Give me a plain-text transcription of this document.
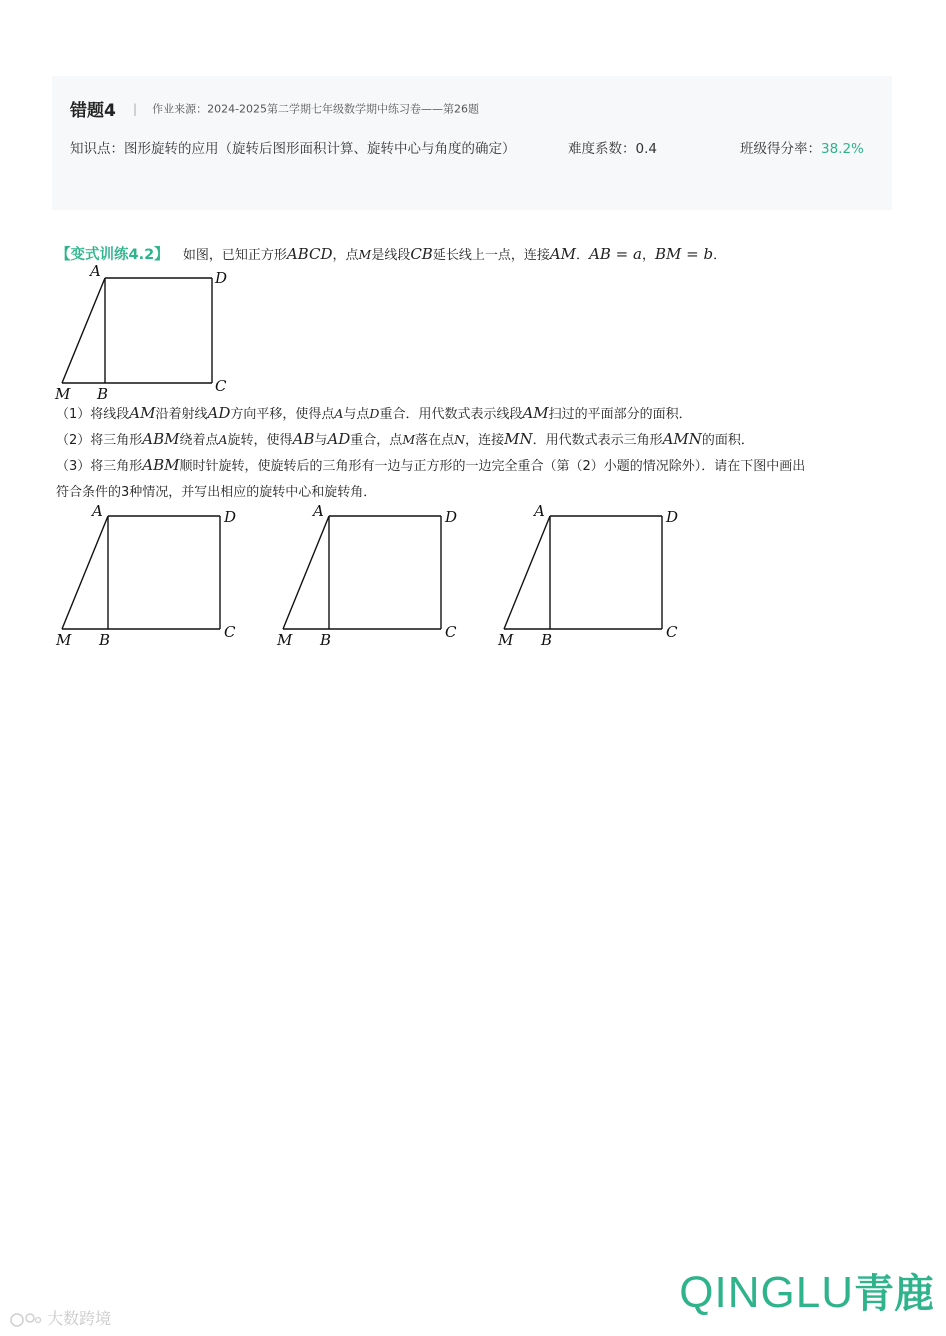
错题4 | 作业来源：2024-2025第二学期七年级数学期中练习卷——第26题
知识点：图形旋转的应用（旋转后图形面积计算、旋转中心与角度的确定）	难度系数：0.4	班级得分率：38.2%
【变式训练4.2】 如图，已知正方形ABCD，点M是线段CB延长线上一点，连接AM．AB = a，BM = b．
A	D
C
M B
（1）将线段AM沿着射线AD方向平移，使得点A与点D重合．用代数式表示线段AM扫过的平面部分的面积．
（2）将三角形ABM绕着点A旋转，使得AB与AD重合，点M落在点N，连接MN．用代数式表示三角形AMN的面积．
（3）将三角形ABM顺时针旋转，使旋转后的三角形有一边与正方形的一边完全重合（第（2）小题的情况除外）．请在下图中画出
符合条件的3种情况，并写出相应的旋转中心和旋转角．
A	D
C
M B
A	D
C
M B
A	D
C
M B
QINGLU青鹿
大数跨境
